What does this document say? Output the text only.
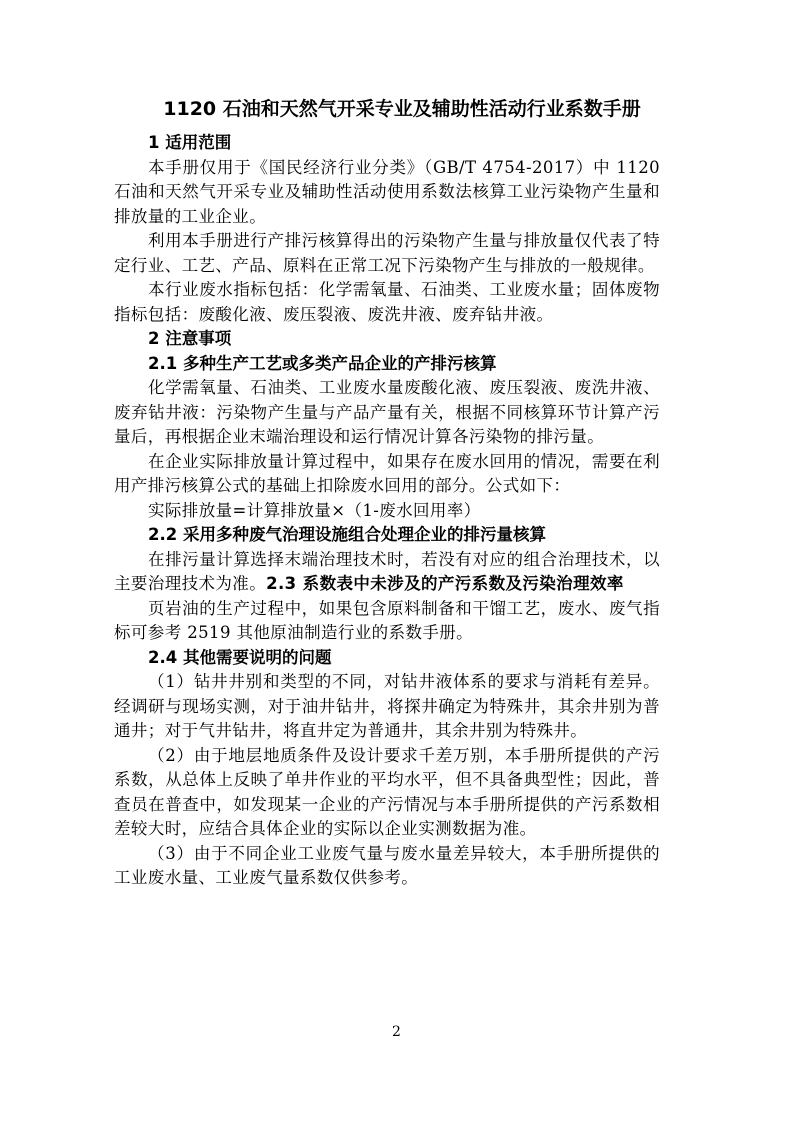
1120 石油和天然气开采专业及辅助性活动行业系数手册

1 适用范围

本手册仅用于《国民经济行业分类》（GB/T 4754-2017）中 1120 石油和天然气开采专业及辅助性活动使用系数法核算工业污染物产生量和排放量的工业企业。

利用本手册进行产排污核算得出的污染物产生量与排放量仅代表了特定行业、工艺、产品、原料在正常工况下污染物产生与排放的一般规律。

本行业废水指标包括：化学需氧量、石油类、工业废水量；固体废物指标包括：废酸化液、废压裂液、废洗井液、废弃钻井液。

2 注意事项

2.1 多种生产工艺或多类产品企业的产排污核算

化学需氧量、石油类、工业废水量废酸化液、废压裂液、废洗井液、废弃钻井液：污染物产生量与产品产量有关，根据不同核算环节计算产污量后，再根据企业末端治理设和运行情况计算各污染物的排污量。

在企业实际排放量计算过程中，如果存在废水回用的情况，需要在利用产排污核算公式的基础上扣除废水回用的部分。公式如下：

实际排放量=计算排放量×（1-废水回用率）

2.2 采用多种废气治理设施组合处理企业的排污量核算

在排污量计算选择末端治理技术时，若没有对应的组合治理技术，以主要治理技术为准。2.3 系数表中未涉及的产污系数及污染治理效率

页岩油的生产过程中，如果包含原料制备和干馏工艺，废水、废气指标可参考 2519 其他原油制造行业的系数手册。

2.4 其他需要说明的问题

（1）钻井井别和类型的不同，对钻井液体系的要求与消耗有差异。经调研与现场实测，对于油井钻井，将探井确定为特殊井，其余井别为普通井；对于气井钻井，将直井定为普通井，其余井别为特殊井。

（2）由于地层地质条件及设计要求千差万别，本手册所提供的产污系数，从总体上反映了单井作业的平均水平，但不具备典型性；因此，普查员在普查中，如发现某一企业的产污情况与本手册所提供的产污系数相差较大时，应结合具体企业的实际以企业实测数据为准。

（3）由于不同企业工业废气量与废水量差异较大，本手册所提供的工业废水量、工业废气量系数仅供参考。

2
